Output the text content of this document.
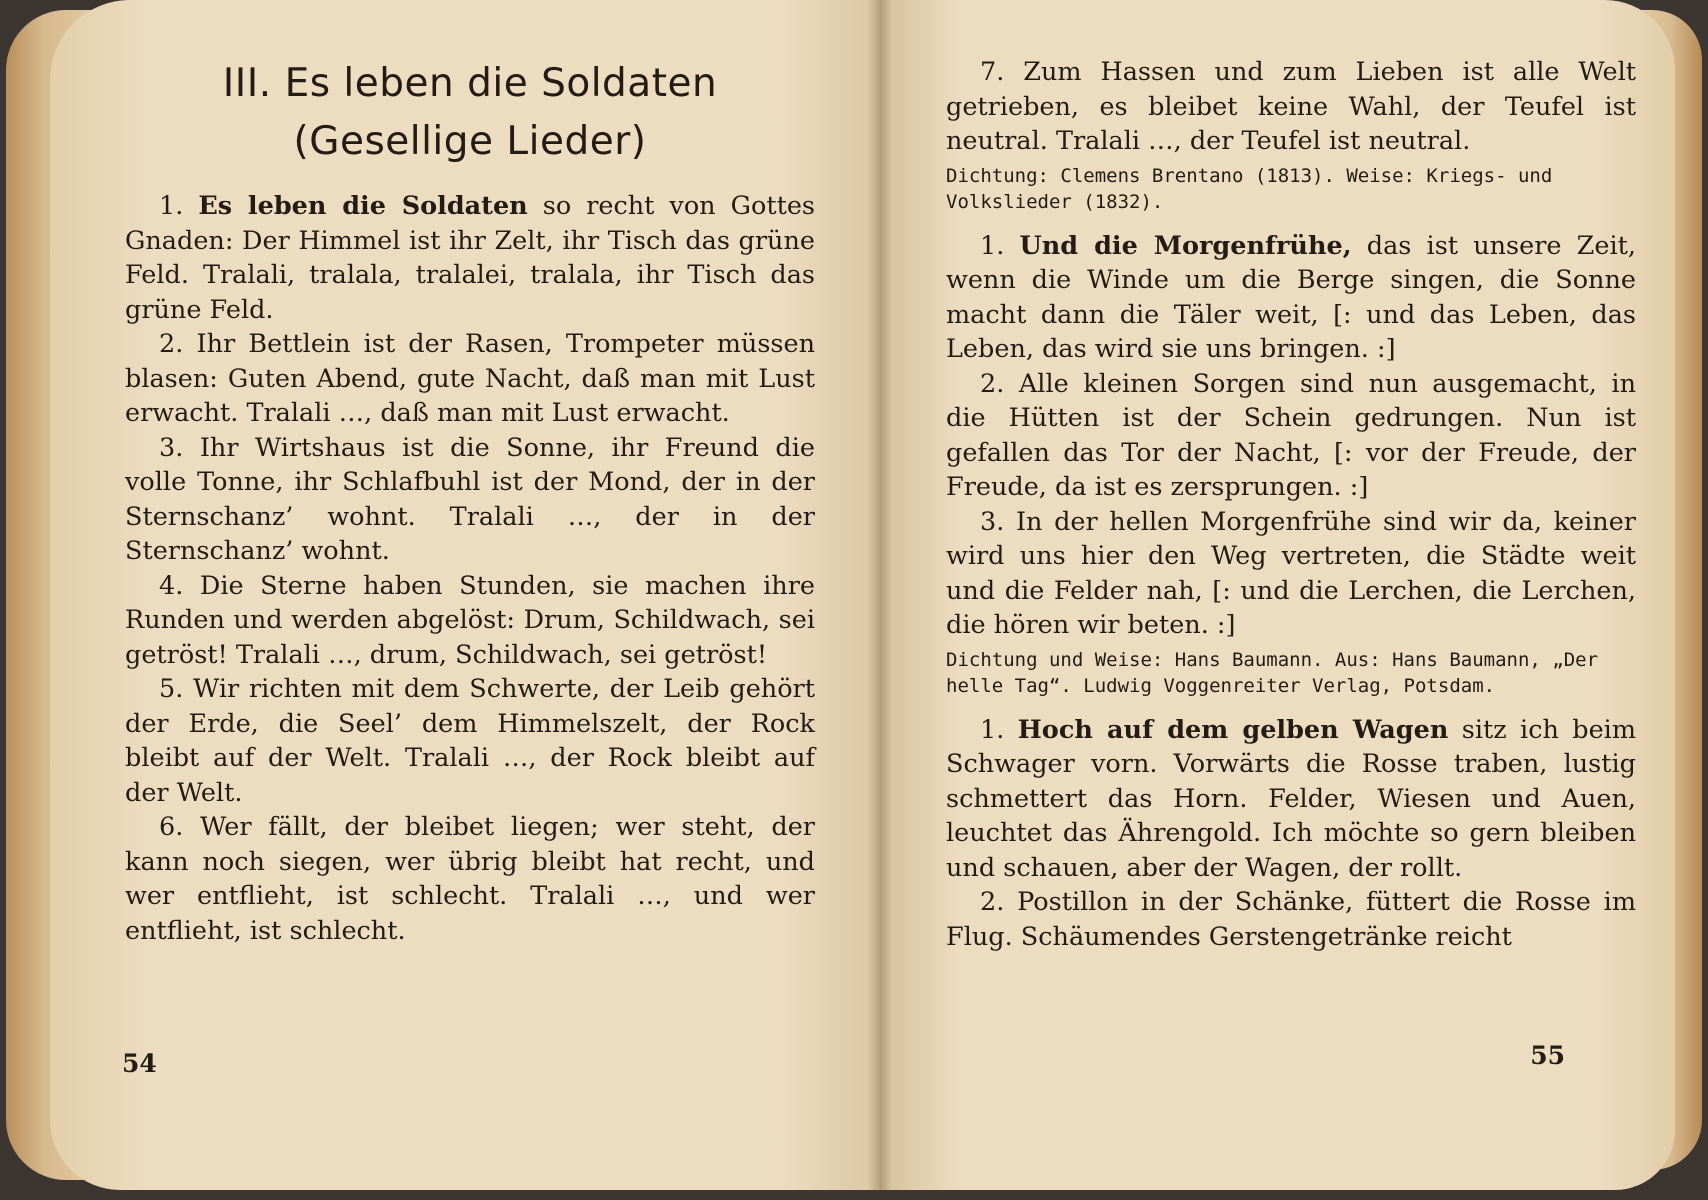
III. Es leben die Soldaten
(Gesellige Lieder)

1. Es leben die Soldaten so recht von Gottes Gnaden: Der Himmel ist ihr Zelt, ihr Tisch das grüne Feld. Tralali, tralala, tralalei, tralala, ihr Tisch das grüne Feld.

2. Ihr Bettlein ist der Rasen, Trompeter müssen blasen: Guten Abend, gute Nacht, daß man mit Lust erwacht. Tralali …, daß man mit Lust erwacht.

3. Ihr Wirtshaus ist die Sonne, ihr Freund die volle Tonne, ihr Schlafbuhl ist der Mond, der in der Sternschanz’ wohnt. Tralali …, der in der Sternschanz’ wohnt.

4. Die Sterne haben Stunden, sie machen ihre Runden und werden abgelöst: Drum, Schildwach, sei getröst! Tralali …, drum, Schildwach, sei getröst!

5. Wir richten mit dem Schwerte, der Leib gehört der Erde, die Seel’ dem Himmelszelt, der Rock bleibt auf der Welt. Tralali …, der Rock bleibt auf der Welt.

6. Wer fällt, der bleibet liegen; wer steht, der kann noch siegen, wer übrig bleibt hat recht, und wer entflieht, ist schlecht. Tralali …, und wer entflieht, ist schlecht.

54

7. Zum Hassen und zum Lieben ist alle Welt getrieben, es bleibet keine Wahl, der Teufel ist neutral. Tralali …, der Teufel ist neutral.

Dichtung: Clemens Brentano (1813). Weise: Kriegs- und Volkslieder (1832).

1. Und die Morgenfrühe, das ist unsere Zeit, wenn die Winde um die Berge singen, die Sonne macht dann die Täler weit, [: und das Leben, das Leben, das wird sie uns bringen. :]

2. Alle kleinen Sorgen sind nun ausgemacht, in die Hütten ist der Schein gedrungen. Nun ist gefallen das Tor der Nacht, [: vor der Freude, der Freude, da ist es zersprungen. :]

3. In der hellen Morgenfrühe sind wir da, keiner wird uns hier den Weg vertreten, die Städte weit und die Felder nah, [: und die Lerchen, die Lerchen, die hören wir beten. :]

Dichtung und Weise: Hans Baumann. Aus: Hans Baumann, „Der helle Tag“. Ludwig Voggenreiter Verlag, Potsdam.

1. Hoch auf dem gelben Wagen sitz ich beim Schwager vorn. Vorwärts die Rosse traben, lustig schmettert das Horn. Felder, Wiesen und Auen, leuchtet das Ährengold. Ich möchte so gern bleiben und schauen, aber der Wagen, der rollt.

2. Postillon in der Schänke, füttert die Rosse im Flug. Schäumendes Gerstengetränke reicht

55
